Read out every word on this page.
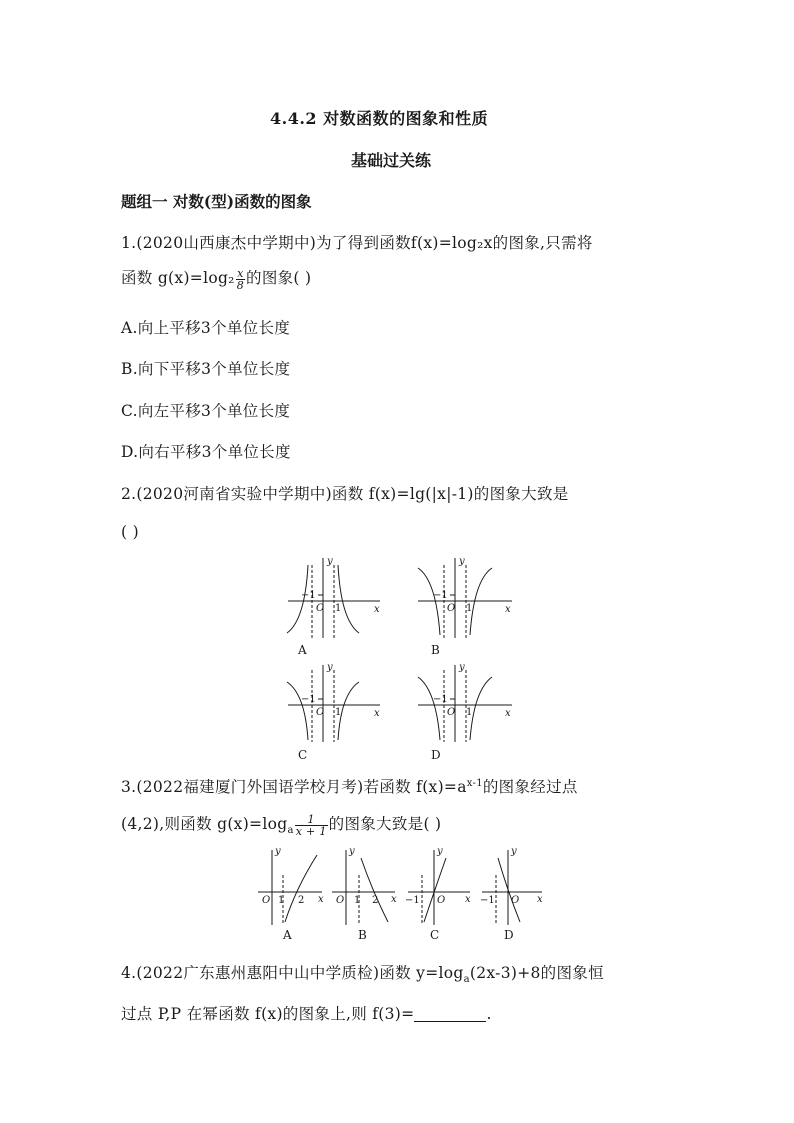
4.4.2 对数函数的图象和性质
基础过关练
题组一 对数(型)函数的图象
1.(2020山西康杰中学期中)为了得到函数f(x)=log₂x的图象,只需将
函数 $g(x)=\log_2 \frac{x}{8}$ 的图象( )
A.向上平移3个单位长度
B.向下平移3个单位长度
C.向左平移3个单位长度
D.向右平移3个单位长度
2.(2020河南省实验中学期中)函数 f(x)=lg(|x|-1)的图象大致是
( )
y
x
O
−1
1
A
y
x
O
−1
1
B
y
x
O
−1
1
C
y
x
O
−1
1
D
3.(2022福建厦门外国语学校月考)若函数 $f(x)=a^{x-1}$的图象经过点
(4,2),则函数 $g(x)=\log_a \frac{1}{x + 1}$ 的图象大致是( )
y
x
O 1 2
A
y
x
O 1 2
B
y
x
−1 O
C
y
x
−1 O
D
4.(2022广东惠州惠阳中山中学质检)函数 $y=\log_a(2x-3)+8$的图象恒
过点 P,P 在幂函数 f(x)的图象上,则 f(3)=	.
